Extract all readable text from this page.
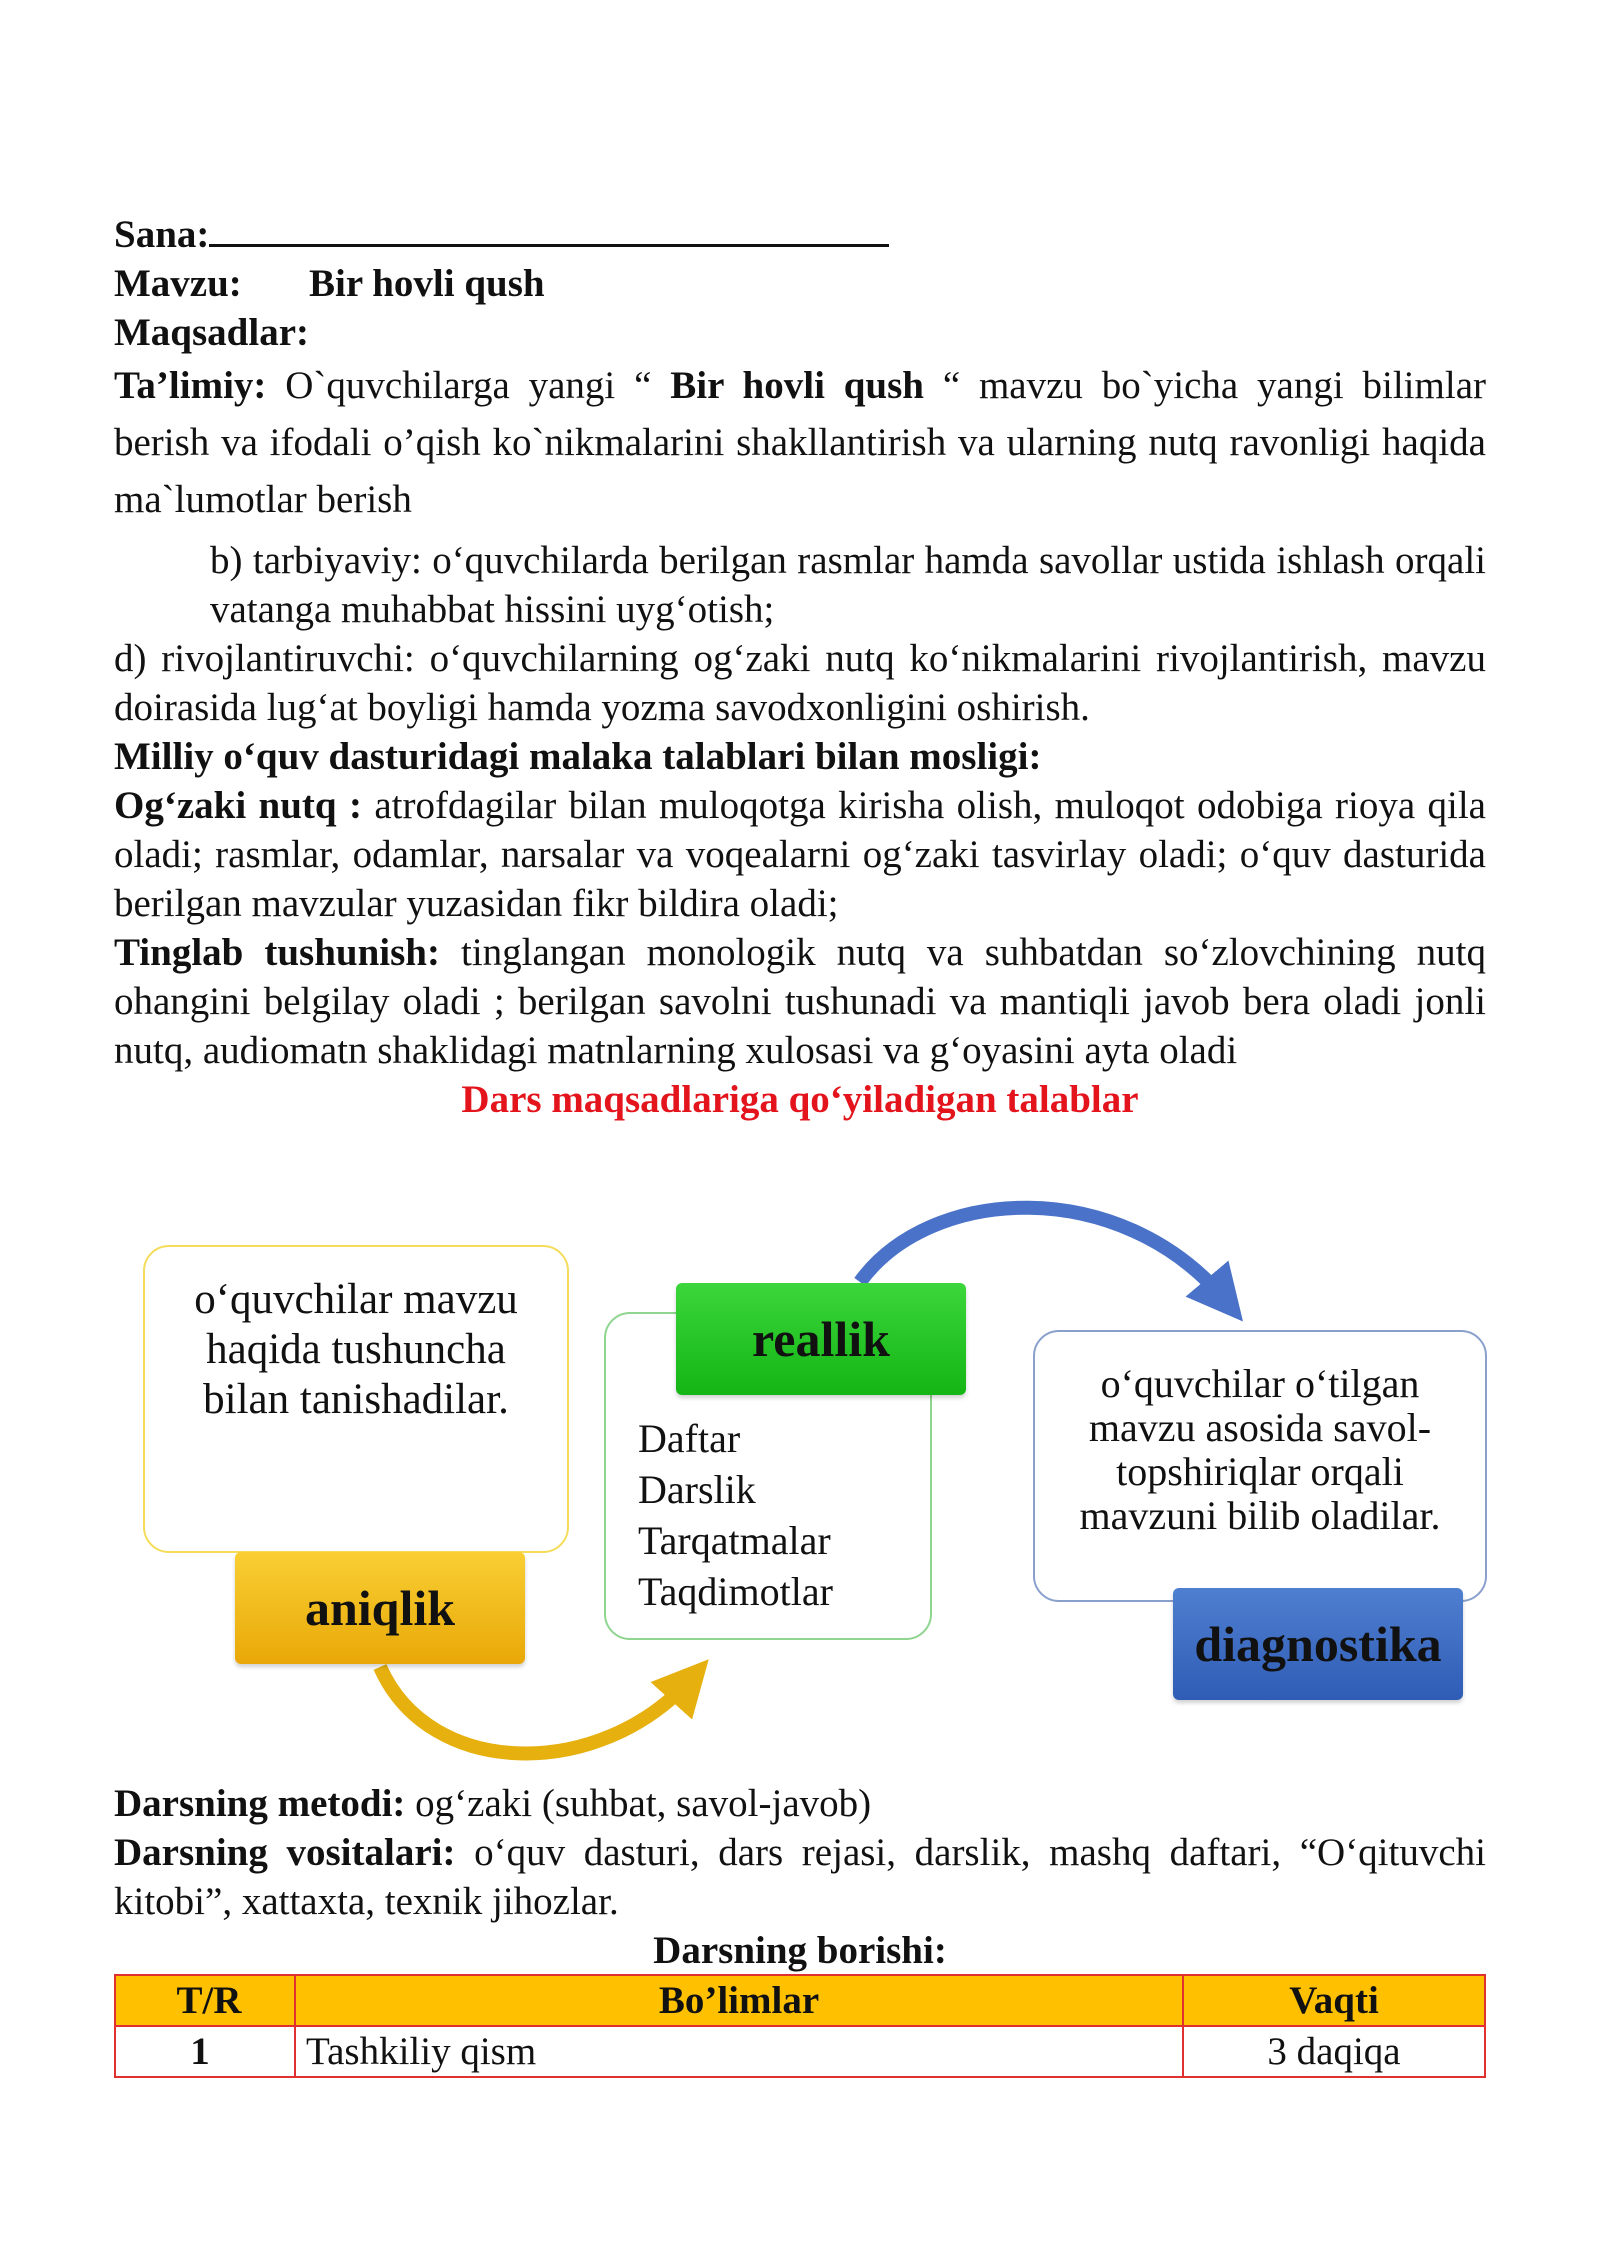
Sana:

Mavzu: Bir hovli qush

Maqsadlar:

Ta’limiy: O`quvchilarga yangi “ Bir hovli qush “ mavzu bo`yicha yangi bilimlar berish va ifodali o’qish ko`nikmalarini shakllantirish va ularning nutq ravonligi haqida ma`lumotlar berish

b) tarbiyaviy: o‘quvchilarda berilgan rasmlar hamda savollar ustida ishlash orqali vatanga muhabbat hissini uyg‘otish;

d) rivojlantiruvchi: o‘quvchilarning og‘zaki nutq ko‘nikmalarini rivojlantirish, mavzu doirasida lug‘at boyligi hamda yozma savodxonligini oshirish.

Milliy o‘quv dasturidagi malaka talablari bilan mosligi:

Og‘zaki nutq : atrofdagilar bilan muloqotga kirisha olish, muloqot odobiga rioya qila oladi; rasmlar, odamlar, narsalar va voqealarni og‘zaki tasvirlay oladi; o‘quv dasturida berilgan mavzular yuzasidan fikr bildira oladi;

Tinglab tushunish: tinglangan monologik nutq va suhbatdan so‘zlovchining nutq ohangini belgilay oladi ; berilgan savolni tushunadi va mantiqli javob bera oladi jonli nutq, audiomatn shaklidagi matnlarning xulosasi va g‘oyasini ayta oladi

Dars maqsadlariga qo‘yiladigan talablar

o‘quvchilar mavzu haqida tushuncha bilan tanishadilar.
aniqlik
reallik
Daftar
Darslik
Tarqatmalar
Taqdimotlar
o‘quvchilar o‘tilgan mavzu asosida savol-topshiriqlar orqali mavzuni bilib oladilar.
diagnostika

Darsning metodi: og‘zaki (suhbat, savol-javob)

Darsning vositalari: o‘quv dasturi, dars rejasi, darslik, mashq daftari, “O‘qituvchi kitobi”, xattaxta, texnik jihozlar.

Darsning borishi:

T/R	Bo’limlar	Vaqti
1	Tashkiliy qism	3 daqiqa
